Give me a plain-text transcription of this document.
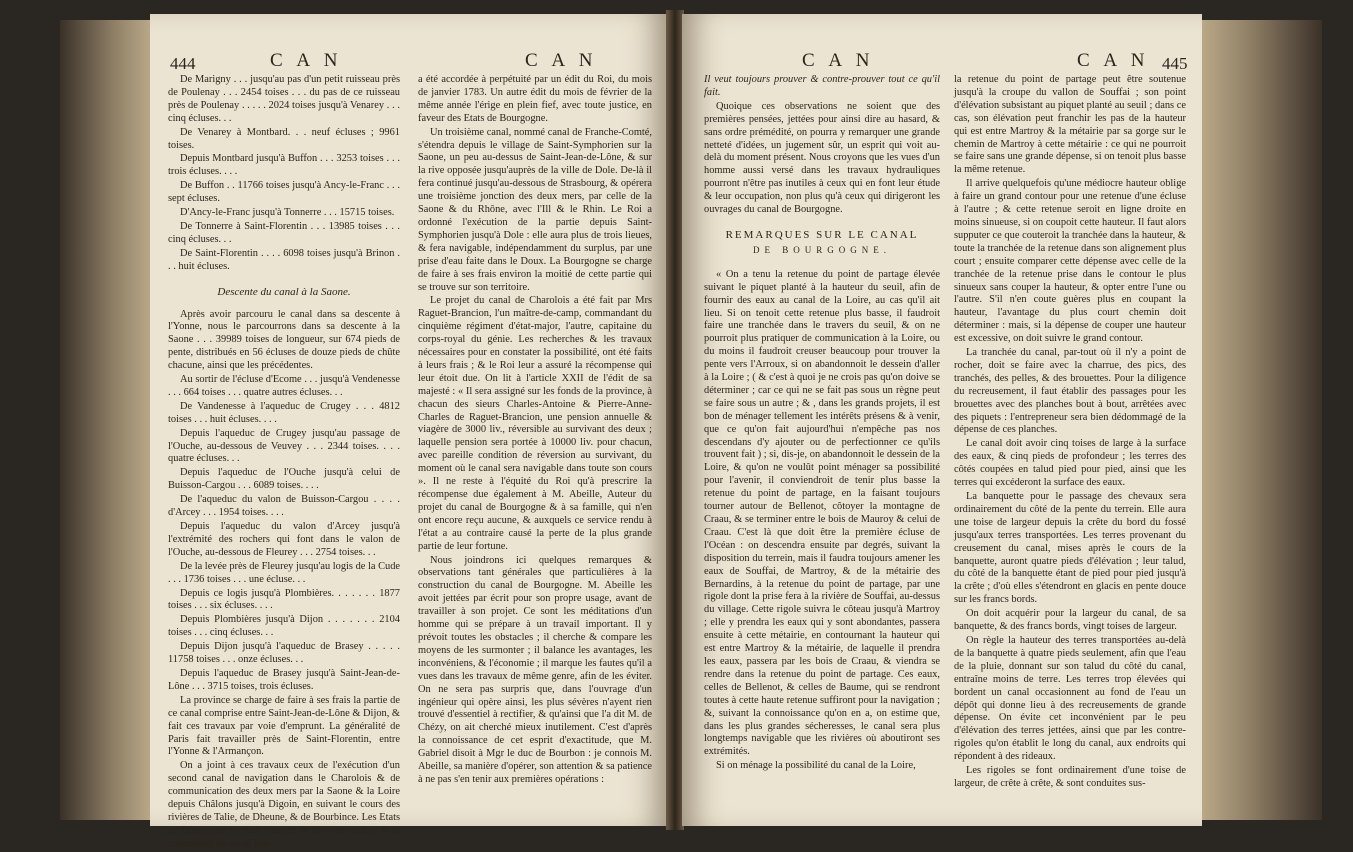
444	C A N	C A N

De Marigny . . . jusqu'au pas d'un petit ruisseau près de Poulenay . . . 2454 toises . . . du pas de ce ruisseau près de Poulenay . . . . . 2024 toises jusqu'à Venarey . . . cinq écluses. . .

De Venarey à Montbard. . . neuf écluses ; 9961 toises.

Depuis Montbard jusqu'à Buffon . . . 3253 toises . . . trois écluses. . . .

De Buffon . . 11766 toises jusqu'à Ancy-le-Franc . . . sept écluses.

D'Ancy-le-Franc jusqu'à Tonnerre . . . 15715 toises.

De Tonnerre à Saint-Florentin . . . 13985 toises . . . cinq écluses. . .

De Saint-Florentin . . . . 6098 toises jusqu'à Brinon . . . huit écluses.

Descente du canal à la Saone.

Après avoir parcouru le canal dans sa descente à l'Yonne, nous le parcourrons dans sa descente à la Saone . . . 39989 toises de longueur, sur 674 pieds de pente, distribués en 56 écluses de douze pieds de chûte chacune, ainsi que les précédentes.

Au sortir de l'écluse d'Ecome . . . jusqu'à Vendenesse . . . 664 toises . . . quatre autres écluses. . .

De Vandenesse à l'aqueduc de Crugey . . . 4812 toises . . . huit écluses. . . .

Depuis l'aqueduc de Crugey jusqu'au passage de l'Ouche, au-dessous de Veuvey . . . 2344 toises. . . . quatre écluses. . .

Depuis l'aqueduc de l'Ouche jusqu'à celui de Buisson-Cargou . . . 6089 toises. . . .

De l'aqueduc du valon de Buisson-Cargou . . . . d'Arcey . . . 1954 toises. . . .

Depuis l'aqueduc du valon d'Arcey jusqu'à l'extrémité des rochers qui font dans le valon de l'Ouche, au-dessous de Fleurey . . . 2754 toises. . .

De la levée près de Fleurey jusqu'au logis de la Cude . . . 1736 toises . . . une écluse. . .

Depuis ce logis jusqu'à Plombières. . . . . . . 1877 toises . . . six écluses. . . .

Depuis Plombières jusqu'à Dijon . . . . . . . 2104 toises . . . cinq écluses. . .

Depuis Dijon jusqu'à l'aqueduc de Brasey . . . . . 11758 toises . . . onze écluses. . .

Depuis l'aqueduc de Brasey jusqu'à Saint-Jean-de-Lône . . . 3715 toises, trois écluses.

La province se charge de faire à ses frais la partie de ce canal comprise entre Saint-Jean-de-Lône & Dijon, & fait ces travaux par voie d'emprunt. La généralité de Paris fait travailler près de Saint-Florentin, entre l'Yonne & l'Armançon.

On a joint à ces travaux ceux de l'exécution d'un second canal de navigation dans le Charolois & de communication des deux mers par la Saone & la Loire depuis Châlons jusqu'à Digoin, en suivant le cours des rivières de Talie, de Dheune, & de Bourbince. Les Etats de Bourgogne se sont chargés de la construction, & la concession du canal leur

a été accordée à perpétuité par un édit du Roi, du mois de janvier 1783. Un autre édit du mois de février de la même année l'érige en plein fief, avec toute justice, en faveur des Etats de Bourgogne.

Un troisième canal, nommé canal de Franche-Comté, s'étendra depuis le village de Saint-Symphorien sur la Saone, un peu au-dessus de Saint-Jean-de-Lône, & sur la rive opposée jusqu'auprès de la ville de Dole. De-là il fera continué jusqu'au-dessous de Strasbourg, & opérera une troisième jonction des deux mers, par celle de la Saone & du Rhône, avec l'Ill & le Rhin. Le Roi a ordonné l'exécution de la partie depuis Saint-Symphorien jusqu'à Dole : elle aura plus de trois lieues, & fera navigable, indépendamment du surplus, par une prise d'eau faite dans le Doux. La Bourgogne se charge de faire à ses frais environ la moitié de cette partie qui se trouve sur son territoire.

Le projet du canal de Charolois a été fait par Mrs Raguet-Brancion, l'un maître-de-camp, commandant du cinquième régiment d'état-major, l'autre, capitaine du corps-royal du génie. Les recherches & les travaux nécessaires pour en constater la possibilité, ont été faits à leurs frais ; & le Roi leur a assuré la récompense qui leur étoit due. On lit à l'article XXII de l'édit de sa majesté : « Il sera assigné sur les fonds de la province, à chacun des sieurs Charles-Antoine & Pierre-Anne-Charles de Raguet-Brancion, une pension annuelle & viagère de 3000 liv., réversible au survivant des deux ; laquelle pension sera portée à 10000 liv. pour chacun, avec pareille condition de réversion au survivant, du moment où le canal sera navigable dans toute son cours ». Il ne reste à l'équité du Roi qu'à prescrire la récompense due également à M. Abeille, Auteur du projet du canal de Bourgogne & à sa famille, qui n'en ont encore reçu aucune, & auxquels ce service rendu à l'état a au contraire causé la perte de la plus grande partie de leur fortune.

Nous joindrons ici quelques remarques & observations tant générales que particulières à la construction du canal de Bourgogne. M. Abeille les avoit jettées par écrit pour son propre usage, avant de travailler à son projet. Ce sont les méditations d'un homme qui se prépare à un travail important. Il y prévoit toutes les obstacles ; il cherche & compare les moyens de les surmonter ; il balance les avantages, les inconvéniens, & l'économie ; il marque les fautes qu'il a vues dans les travaux de même genre, afin de les éviter. On ne sera pas surpris que, dans l'ouvrage d'un ingénieur qui opère ainsi, les plus sévères n'ayent rien trouvé d'essentiel à rectifier, & qu'ainsi que l'a dit M. de Chézy, on ait cherché mieux inutilement. C'est d'après la connoissance de cet esprit d'exactitude, que M. Gabriel disoit à Mgr le duc de Bourbon : je connois M. Abeille, sa manière d'opérer, son attention & sa patience à ne pas s'en tenir aux premières opérations :

C A N	C A N 445

Il veut toujours prouver & contre-prouver tout ce qu'il fait.

Quoique ces observations ne soient que des premières pensées, jettées pour ainsi dire au hasard, & sans ordre prémédité, on pourra y remarquer une grande netteté d'idées, un jugement sûr, un esprit qui voit au-delà du moment présent. Nous croyons que les vues d'un homme aussi versé dans les travaux hydrauliques pourront n'être pas inutiles à ceux qui en font leur étude & leur occupation, non plus qu'à ceux qui dirigeront les ouvrages du canal de Bourgogne.

REMARQUES SUR LE CANAL

DE BOURGOGNE.

« On a tenu la retenue du point de partage élevée suivant le piquet planté à la hauteur du seuil, afin de fournir des eaux au canal de la Loire, au cas qu'il ait lieu. Si on tenoit cette retenue plus basse, il faudroit faire une tranchée dans le travers du seuil, & on ne pourroit plus pratiquer de communication à la Loire, ou du moins il faudroit creuser beaucoup pour trouver la pente vers l'Arroux, si on abandonnoit le dessein d'aller à la Loire ; ( & c'est à quoi je ne crois pas qu'on doive se déterminer ; car ce qui ne se fait pas sous un règne peut se faire sous un autre ; & , dans les grands projets, il est bon de ménager tellement les intérêts présens & à venir, que ce qu'on fait aujourd'hui n'empêche pas nos descendans d'y ajouter ou de perfectionner ce qu'ils trouvent fait ) ; si, dis-je, on abandonnoit le dessein de la Loire, & qu'on ne voulût point ménager sa possibilité pour l'avenir, il conviendroit de tenir plus basse la retenue du point de partage, en la faisant toujours tourner autour de Bellenot, côtoyer la montagne de Craau, & se terminer entre le bois de Mauroy & celui de Craau. C'est là que doit être la première écluse de l'Océan : on descendra ensuite par degrés, suivant la disposition du terrein, mais il faudra toujours amener les eaux de Souffai, de Martroy, & de la métairie des Bernardins, à la retenue du point de partage, par une rigole dont la prise fera à la rivière de Souffai, au-dessus du village. Cette rigole suivra le côteau jusqu'à Martroy ; elle y prendra les eaux qui y sont abondantes, passera ensuite à cette métairie, en contournant la hauteur qui est entre Martroy & la métairie, de laquelle il prendra les eaux, passera par les bois de Craau, & viendra se rendre dans la retenue du point de partage. Ces eaux, celles de Bellenot, & celles de Baume, qui se rendront toutes à cette haute retenue suffiront pour la navigation ; &, suivant la connoissance qu'on en a, on estime que, dans les plus grandes sécheresses, le canal sera plus longtemps navigable que les rivières où aboutiront ses extrémités.

Si on ménage la possibilité du canal de la Loire,

la retenue du point de partage peut être soutenue jusqu'à la croupe du vallon de Souffai ; son point d'élévation subsistant au piquet planté au seuil ; dans ce cas, son élévation peut franchir les pas de la hauteur qui est entre Martroy & la métairie par sa gorge sur le chemin de Martroy à cette métairie : ce qui ne pourroit se faire sans une grande dépense, si on tenoit plus basse la même retenue.

Il arrive quelquefois qu'une médiocre hauteur oblige à faire un grand contour pour une retenue d'une écluse à l'autre ; & cette retenue seroit en ligne droite en moins sinueuse, si on coupoit cette hauteur. Il faut alors supputer ce que couteroit la tranchée dans la hauteur, & toute la tranchée de la retenue dans son alignement plus court ; ensuite comparer cette dépense avec celle de la tranchée de la retenue prise dans le contour le plus sinueux sans couper la hauteur, & opter entre l'une ou l'autre. S'il n'en coute guères plus en coupant la hauteur, l'avantage du plus court chemin doit déterminer : mais, si la dépense de couper une hauteur est excessive, on doit suivre le grand contour.

La tranchée du canal, par-tout où il n'y a point de rocher, doit se faire avec la charrue, des pics, des tranchés, des pelles, & des brouettes. Pour la diligence du recreusement, il faut établir des passages pour les brouettes avec des planches bout à bout, arrêtées avec des piquets : l'entrepreneur sera bien dédommagé de la dépense de ces planches.

Le canal doit avoir cinq toises de large à la surface des eaux, & cinq pieds de profondeur ; les terres des côtés coupées en talud pied pour pied, ainsi que les terres qui excéderont la surface des eaux.

La banquette pour le passage des chevaux sera ordinairement du côté de la pente du terrein. Elle aura une toise de largeur depuis la crête du bord du fossé jusqu'aux terres transportées. Les terres provenant du creusement du canal, mises après le cours de la banquette, auront quatre pieds d'élévation ; leur talud, du côté de la banquette étant de pied pour pied jusqu'à la crête ; d'où elles s'étendront en glacis en pente douce sur les francs bords.

On doit acquérir pour la largeur du canal, de sa banquette, & des francs bords, vingt toises de largeur.

On règle la hauteur des terres transportées au-delà de la banquette à quatre pieds seulement, afin que l'eau de la pluie, donnant sur son talud du côté du canal, entraîne moins de terre. Les terres trop élevées qui bordent un canal occasionnent au fond de l'eau un dépôt qui donne lieu à des recreusements de grande dépense. On évite cet inconvénient par le peu d'élévation des terres jettées, ainsi que par les contre-rigoles qu'on établit le long du canal, aux endroits qui répondent à des rideaux.

Les rigoles se font ordinairement d'une toise de largeur, de crête à crête, & sont conduites sus-
